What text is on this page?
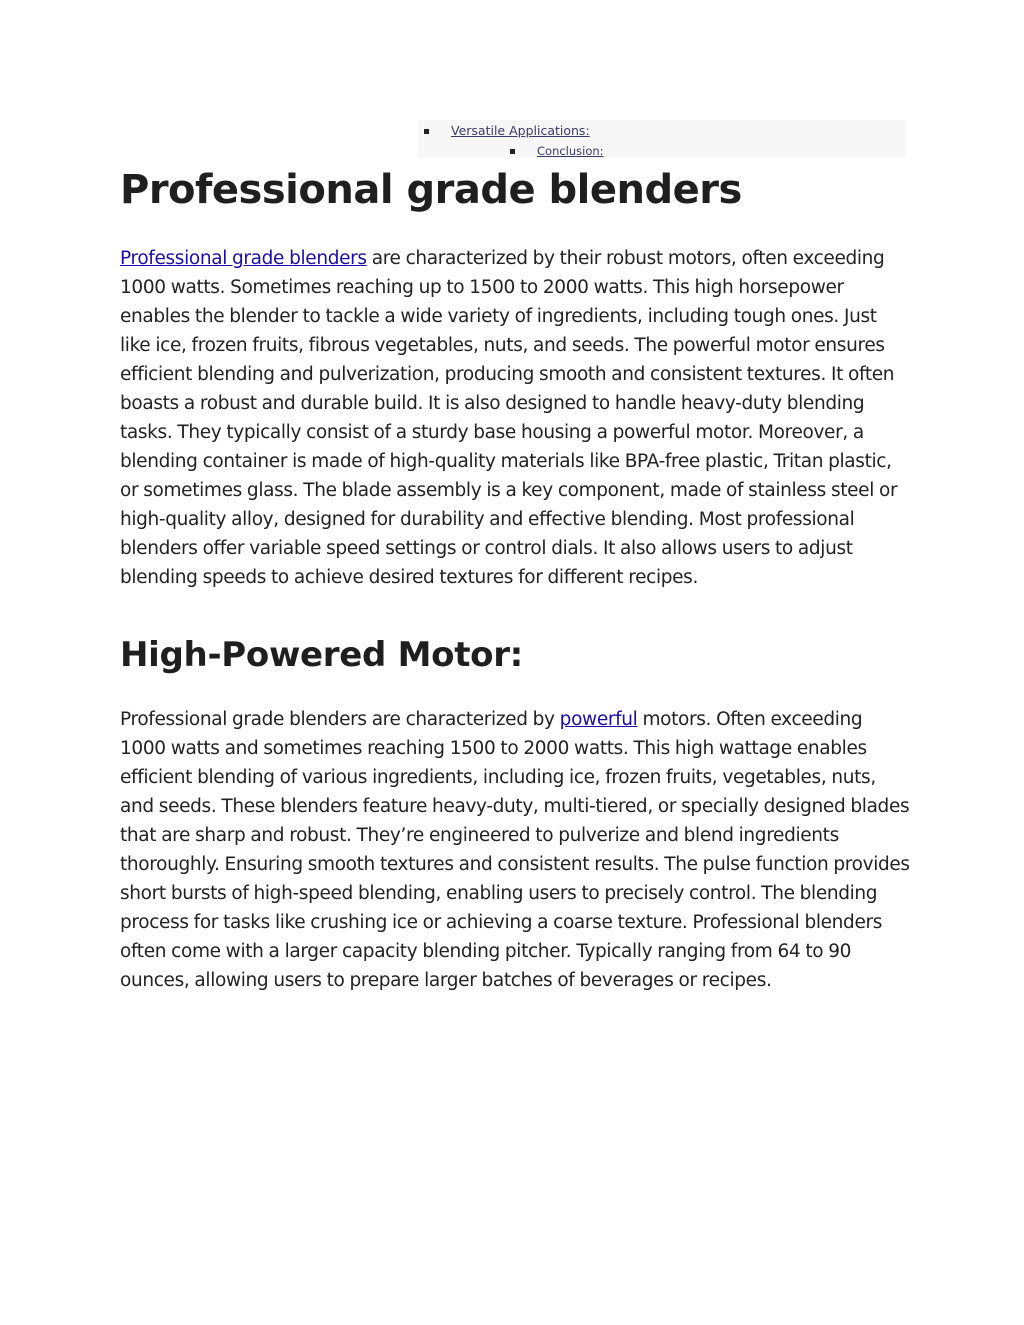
Versatile Applications:
Conclusion:
Professional grade blenders

Professional grade blenders are characterized by their robust motors, often exceeding 1000 watts. Sometimes reaching up to 1500 to 2000 watts. This high horsepower enables the blender to tackle a wide variety of ingredients, including tough ones. Just like ice, frozen fruits, fibrous vegetables, nuts, and seeds. The powerful motor ensures efficient blending and pulverization, producing smooth and consistent textures. It often boasts a robust and durable build. It is also designed to handle heavy-duty blending tasks. They typically consist of a sturdy base housing a powerful motor. Moreover, a blending container is made of high-quality materials like BPA-free plastic, Tritan plastic, or sometimes glass. The blade assembly is a key component, made of stainless steel or high-quality alloy, designed for durability and effective blending. Most professional blenders offer variable speed settings or control dials. It also allows users to adjust blending speeds to achieve desired textures for different recipes.

High-Powered Motor:

Professional grade blenders are characterized by powerful motors. Often exceeding 1000 watts and sometimes reaching 1500 to 2000 watts. This high wattage enables efficient blending of various ingredients, including ice, frozen fruits, vegetables, nuts, and seeds. These blenders feature heavy-duty, multi-tiered, or specially designed blades that are sharp and robust. They’re engineered to pulverize and blend ingredients thoroughly. Ensuring smooth textures and consistent results. The pulse function provides short bursts of high-speed blending, enabling users to precisely control. The blending process for tasks like crushing ice or achieving a coarse texture. Professional blenders often come with a larger capacity blending pitcher. Typically ranging from 64 to 90 ounces, allowing users to prepare larger batches of beverages or recipes.
